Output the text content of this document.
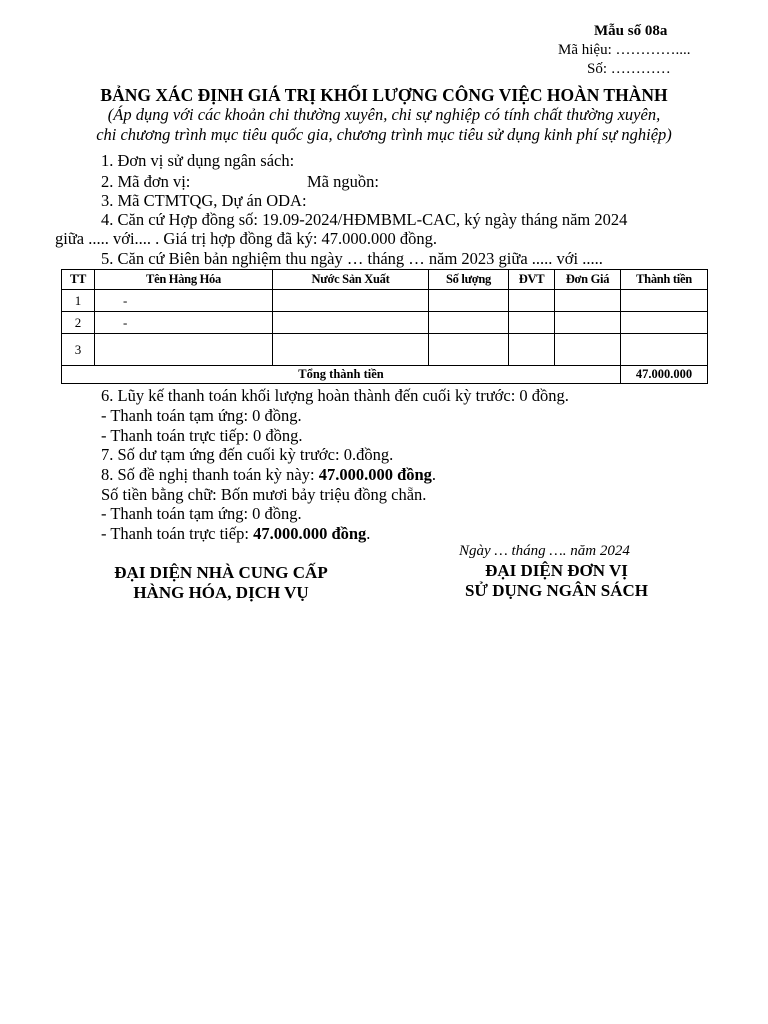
Mẫu số 08a
Mã hiệu: …………....
Số: …………
BẢNG XÁC ĐỊNH GIÁ TRỊ KHỐI LƯỢNG CÔNG VIỆC HOÀN THÀNH
(Áp dụng với các khoản chi thường xuyên, chi sự nghiệp có tính chất thường xuyên,
chi chương trình mục tiêu quốc gia, chương trình mục tiêu sử dụng kinh phí sự nghiệp)
1. Đơn vị sử dụng ngân sách:
2. Mã đơn vị:	Mã nguồn:
3. Mã CTMTQG, Dự án ODA:
4. Căn cứ Hợp đồng số: 19.09-2024/HĐMBML-CAC, ký ngày tháng năm 2024
giữa ..... với.... . Giá trị hợp đồng đã ký: 47.000.000 đồng.
5. Căn cứ Biên bản nghiệm thu ngày … tháng … năm 2023 giữa ..... với .....
TT	Tên Hàng Hóa	Nước Sản Xuất	Số lượng	ĐVT	Đơn Giá	Thành tiền
1	-					
2	-					
3						
Tổng thành tiền						47.000.000
6. Lũy kế thanh toán khối lượng hoàn thành đến cuối kỳ trước: 0 đồng.
- Thanh toán tạm ứng: 0 đồng.
- Thanh toán trực tiếp: 0 đồng.
7. Số dư tạm ứng đến cuối kỳ trước: 0.đồng.
8. Số đề nghị thanh toán kỳ này: 47.000.000 đồng.
Số tiền bằng chữ: Bốn mươi bảy triệu đồng chẵn.
- Thanh toán tạm ứng: 0 đồng.
- Thanh toán trực tiếp: 47.000.000 đồng.
Ngày … tháng …. năm 2024
ĐẠI DIỆN NHÀ CUNG CẤP
HÀNG HÓA, DỊCH VỤ
ĐẠI DIỆN ĐƠN VỊ
SỬ DỤNG NGÂN SÁCH
